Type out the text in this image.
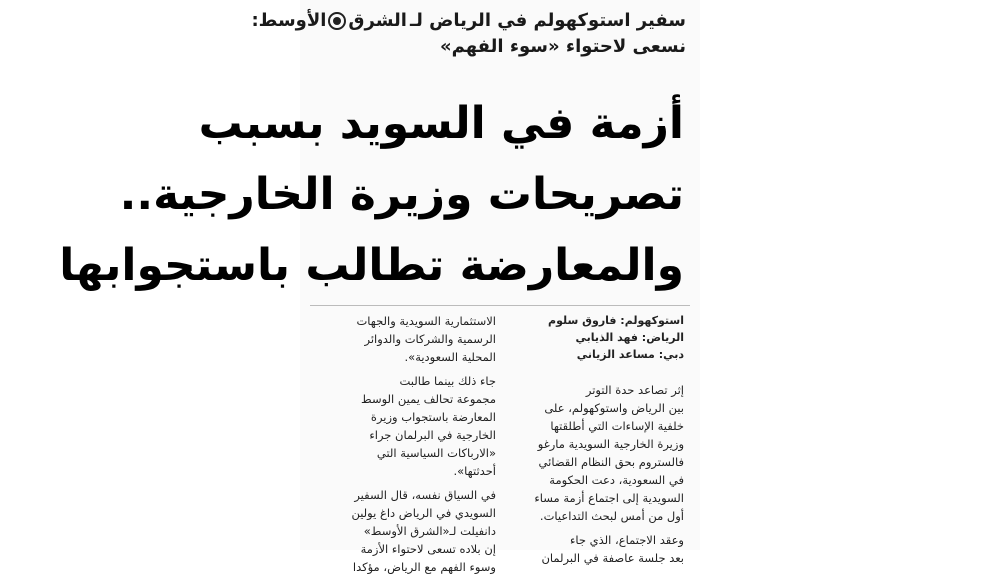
سفير استوكهولم في الرياض لـ
الشرق
الأوسط:
نسعى لاحتواء «سوء الفهم»
أزمة في السويد بسبب
تصريحات وزيرة الخارجية..
والمعارضة تطالب باستجوابها
استوكهولم: فاروق سلوم
الرياض: فهد الذيابي
دبي: مساعد الزياني

إثر تصاعد حدة التوتر
بين الرياض واستوكهولم، على
خلفية الإساءات التي أطلقتها
وزيرة الخارجية السويدية مارغو
فالستروم بحق النظام القضائي
في السعودية، دعت الحكومة
السويدية إلى اجتماع أزمة مساء
أول من أمس لبحث التداعيات.

وعقد الاجتماع، الذي جاء
بعد جلسة عاصفة في البرلمان

الاستثمارية السويدية والجهات
الرسمية والشركات والدوائر
المحلية السعودية».

جاء ذلك بينما طالبت
مجموعة تحالف يمين الوسط
المعارضة باستجواب وزيرة
الخارجية في البرلمان جراء
«الارباكات السياسية التي
أحدثتها».

في السياق نفسه، قال السفير
السويدي في الرياض داغ يولين
دانفيلت لـ«الشرق الأوسط»
إن بلاده تسعى لاحتواء الأزمة
وسوء الفهم مع الرياض، مؤكدا
